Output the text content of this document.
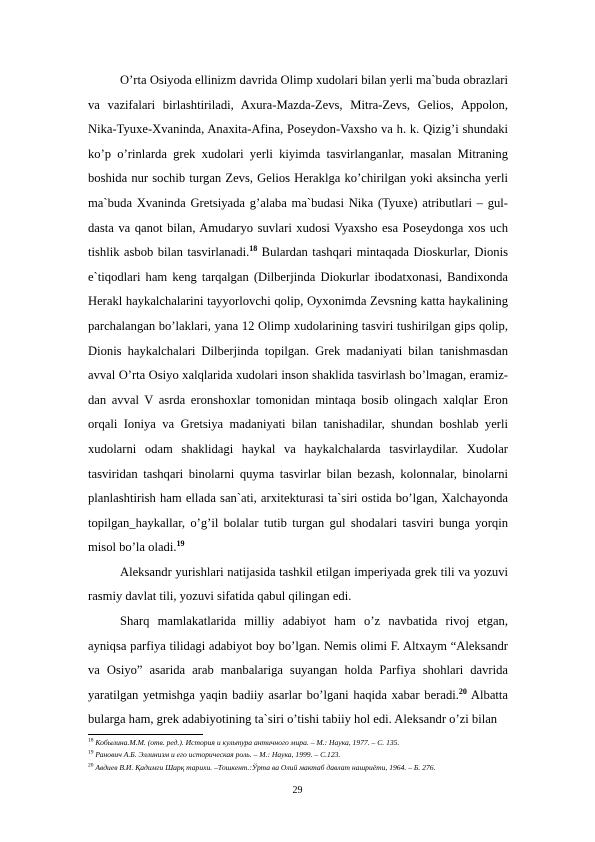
O’rta Osiyoda ellinizm davrida Olimp xudolari bilan yerli ma`buda obrazlari va vazifalari birlashtiriladi, Axura-Mazda-Zevs, Mitra-Zevs, Gelios, Appolon, Nika-Tyuxe-Xvaninda, Anaxita-Afina, Poseydon-Vaxsho va h. k. Qizig’i shundaki ko’p o’rinlarda grek xudolari yerli kiyimda tasvirlanganlar, masalan Mitraning boshida nur sochib turgan Zevs, Gelios Heraklga ko’chirilgan yoki aksincha yerli ma`buda Xvaninda Gretsiyada g’alaba ma`budasi Nika (Tyuxe) atributlari – gul-dasta va qanot bilan, Amudaryo suvlari xudosi Vyaxsho esa Poseydonga xos uch tishlik asbob bilan tasvirlanadi.$^{18}$ Bulardan tashqari mintaqada Dioskurlar, Dionis e`tiqodlari ham keng tarqalgan (Dilberjinda Diokurlar ibodatxonasi, Bandixonda Herakl haykalchalarini tayyorlovchi qolip, Oyxonimda Zevsning katta haykalining parchalangan bo’laklari, yana 12 Olimp xudolarining tasviri tushirilgan gips qolip, Dionis haykalchalari Dilberjinda topilgan. Grek madaniyati bilan tanishmasdan avval O’rta Osiyo xalqlarida xudolari inson shaklida tasvirlash bo’lmagan, eramiz-dan avval V asrda eronshoxlar tomonidan mintaqa bosib olingach xalqlar Eron orqali Ioniya va Gretsiya madaniyati bilan tanishadilar, shundan boshlab yerli xudolarni odam shaklidagi haykal va haykalchalarda tasvirlaydilar. Xudolar tasviridan tashqari binolarni quyma tasvirlar bilan bezash, kolonnalar, binolarni planlashtirish ham ellada san`ati, arxitekturasi ta`siri ostida bo’lgan, Xalchayonda topilgan_haykallar, o’g’il bolalar tutib turgan gul shodalari tasviri bunga yorqin misol bo’la oladi.$^{19}$

Aleksandr yurishlari natijasida tashkil etilgan imperiyada grek tili va yozuvi rasmiy davlat tili, yozuvi sifatida qabul qilingan edi.

Sharq mamlakatlarida milliy adabiyot ham o’z navbatida rivoj etgan, ayniqsa parfiya tilidagi adabiyot boy bo’lgan. Nemis olimi F. Altxaym “Aleksandr va Osiyo” asarida arab manbalariga suyangan holda Parfiya shohlari davrida yaratilgan yetmishga yaqin badiiy asarlar bo’lgani haqida xabar beradi.$^{20}$ Albatta bularga ham, grek adabiyotining ta`siri o’tishi tabiiy hol edi. Aleksandr o’zi bilan

$^{18}$ Кобылина.М.М. (отв. ред.). История и культура античного мира. – М.: Наука, 1977. – С. 135.
$^{19}$ Ранович А.Б. Эллинизм и его историческая роль. – М.: Наука, 1999. – С.123.
$^{20}$ Авдиев В.И. Қадимги Шарқ тарихи. –Тошкент.:Ўрта ва Олий мактаб давлат нашриёти, 1964. – Б. 276.
29
